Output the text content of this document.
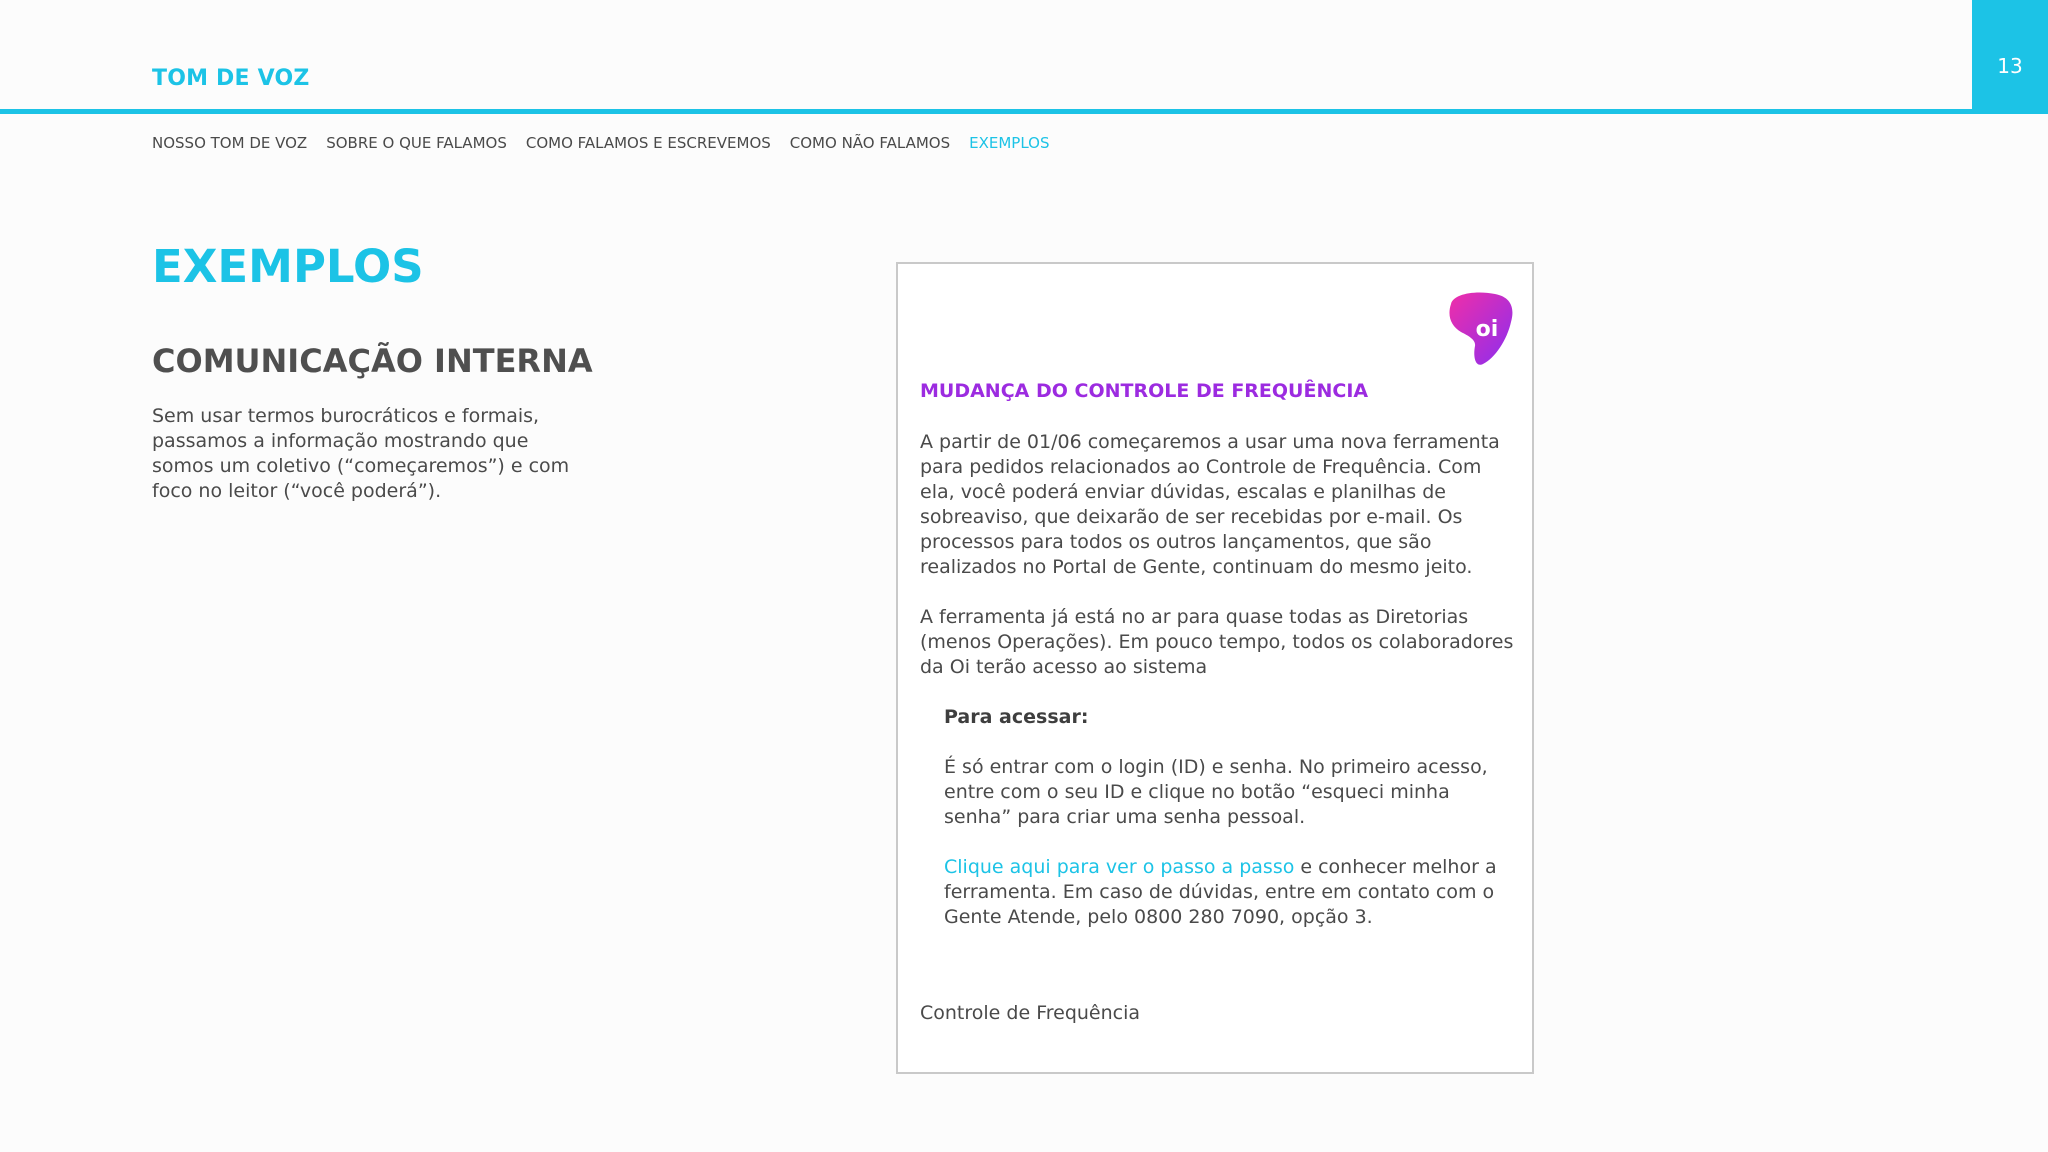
TOM DE VOZ	13
NOSSO TOM DE VOZ SOBRE O QUE FALAMOS COMO FALAMOS E ESCREVEMOS COMO NÃO FALAMOS EXEMPLOS
EXEMPLOS
COMUNICAÇÃO INTERNA

Sem usar termos burocráticos e formais, passamos a informação mostrando que somos um coletivo (“começaremos”) e com foco no leitor (“você poderá”).

oi
MUDANÇA DO CONTROLE DE FREQUÊNCIA

A partir de 01/06 começaremos a usar uma nova ferramenta para pedidos relacionados ao Controle de Frequência. Com ela, você poderá enviar dúvidas, escalas e planilhas de sobreaviso, que deixarão de ser recebidas por e-mail. Os processos para todos os outros lançamentos, que são realizados no Portal de Gente, continuam do mesmo jeito.

A ferramenta já está no ar para quase todas as Diretorias (menos Operações). Em pouco tempo, todos os colaboradores da Oi terão acesso ao sistema

Para acessar:

É só entrar com o login (ID) e senha. No primeiro acesso, entre com o seu ID e clique no botão “esqueci minha senha” para criar uma senha pessoal.

Clique aqui para ver o passo a passo e conhecer melhor a ferramenta. Em caso de dúvidas, entre em contato com o Gente Atende, pelo 0800 280 7090, opção 3.

Controle de Frequência
